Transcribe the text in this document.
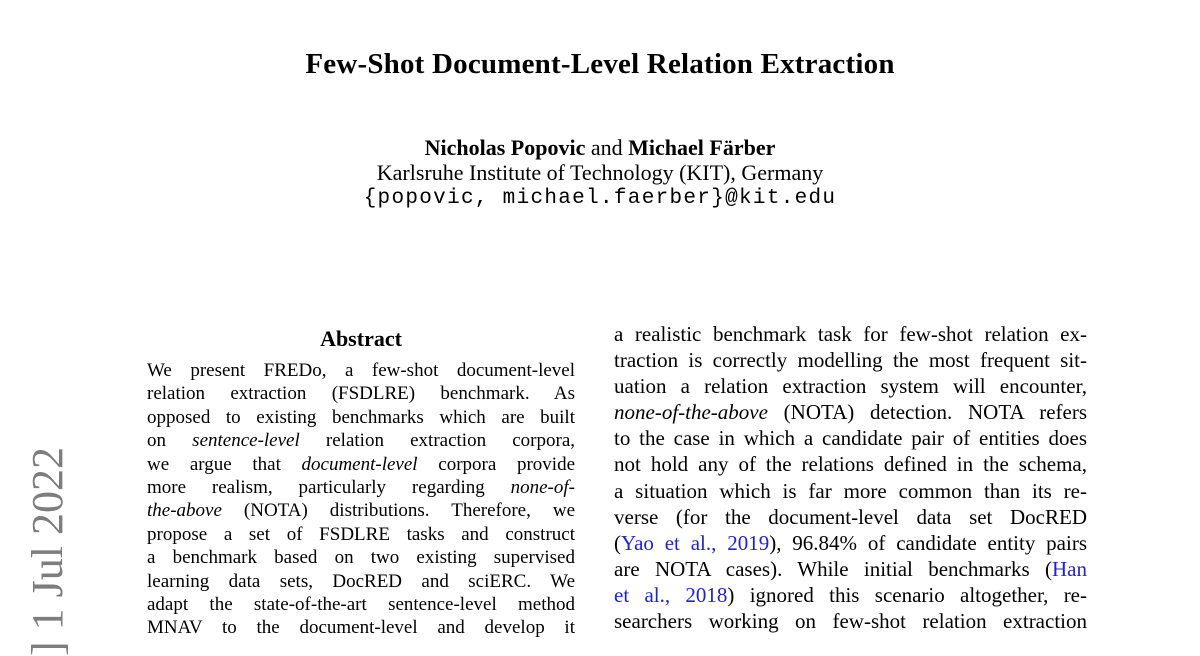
] 1 Jul 2022
Few-Shot Document-Level Relation Extraction
Nicholas Popovic and Michael Färber
Karlsruhe Institute of Technology (KIT), Germany
{popovic, michael.faerber}@kit.edu
Abstract
We present FREDo, a few-shot document-level
relation extraction (FSDLRE) benchmark. As
opposed to existing benchmarks which are built
on sentence-level relation extraction corpora,
we argue that document-level corpora provide
more realism, particularly regarding none-of-
the-above (NOTA) distributions. Therefore, we
propose a set of FSDLRE tasks and construct
a benchmark based on two existing supervised
learning data sets, DocRED and sciERC. We
adapt the state-of-the-art sentence-level method
MNAV to the document-level and develop it
a realistic benchmark task for few-shot relation ex-
traction is correctly modelling the most frequent sit-
uation a relation extraction system will encounter,
none-of-the-above (NOTA) detection. NOTA refers
to the case in which a candidate pair of entities does
not hold any of the relations defined in the schema,
a situation which is far more common than its re-
verse (for the document-level data set DocRED
(Yao et al., 2019), 96.84% of candidate entity pairs
are NOTA cases). While initial benchmarks (Han
et al., 2018) ignored this scenario altogether, re-
searchers working on few-shot relation extraction
